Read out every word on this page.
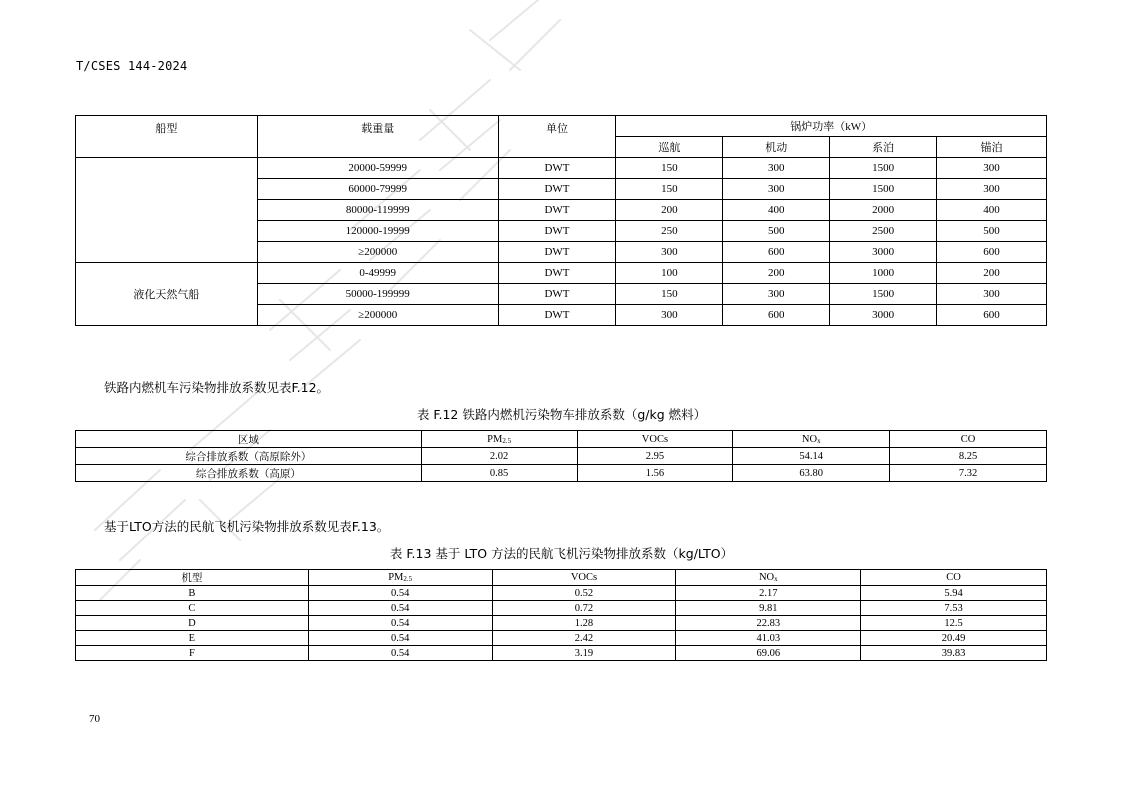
T/CSES 144-2024
船型	载重量	单位	锅炉功率（kW）			
			巡航	机动	系泊	锚泊
	20000-59999	DWT	150	300	1500	300
	60000-79999	DWT	150	300	1500	300
	80000-119999	DWT	200	400	2000	400
	120000-19999	DWT	250	500	2500	500
	≥200000	DWT	300	600	3000	600
液化天然气船	0-49999	DWT	100	200	1000	200
	50000-199999	DWT	150	300	1500	300
	≥200000	DWT	300	600	3000	600
铁路内燃机车污染物排放系数见表F.12。
表 F.12 铁路内燃机污染物车排放系数（g/kg 燃料）
区域	PM2.5	VOCs	NOx	CO
综合排放系数（高原除外）	2.02	2.95	54.14	8.25
综合排放系数（高原）	0.85	1.56	63.80	7.32
基于LTO方法的民航飞机污染物排放系数见表F.13。
表 F.13 基于 LTO 方法的民航飞机污染物排放系数（kg/LTO）
机型	PM2.5	VOCs	NOx	CO
B	0.54	0.52	2.17	5.94
C	0.54	0.72	9.81	7.53
D	0.54	1.28	22.83	12.5
E	0.54	2.42	41.03	20.49
F	0.54	3.19	69.06	39.83
70
